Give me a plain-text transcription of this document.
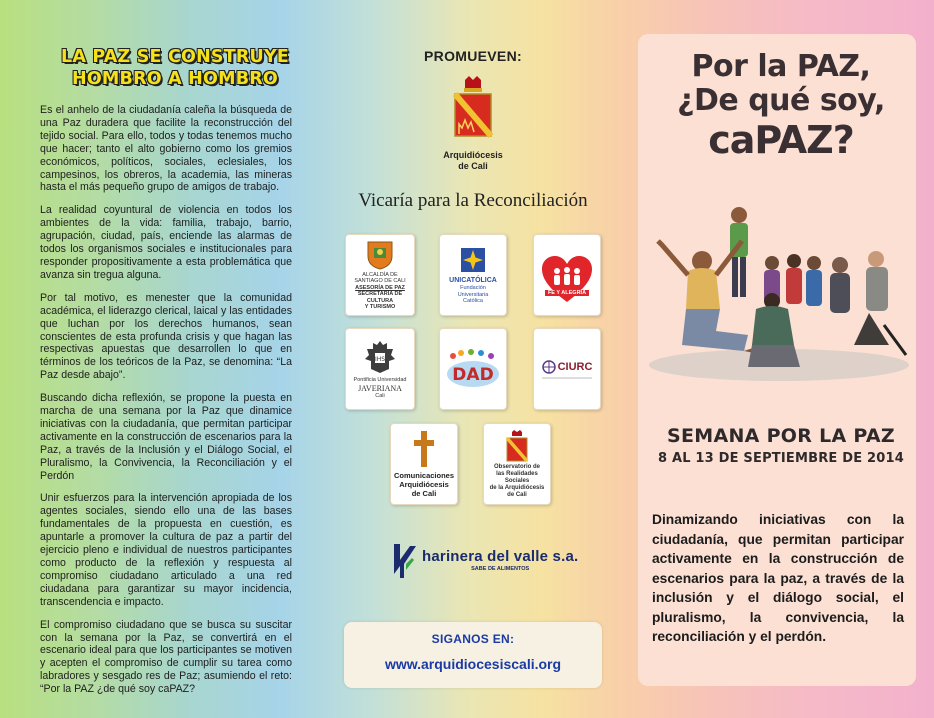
LA PAZ SE CONSTRUYE
HOMBRO A HOMBRO

Es el anhelo de la ciudadanía caleña la búsqueda de una Paz duradera que facilite la reconstrucción del tejido social. Para ello, todos y todas tenemos mucho que hacer; tanto el alto gobierno como los gremios económicos, políticos, sociales, eclesiales, los campesinos, los obreros, la academia, las mineras hasta el más pequeño grupo de amigos de trabajo.

La realidad coyuntural de violencia en todos los ambientes de la vida: familia, trabajo, barrio, agrupación, ciudad, país, enciende las alarmas de todos los organismos sociales e institucionales para responder propositivamente a esta problemática que avanza sin tregua alguna.

Por tal motivo, es menester que la comunidad académica, el liderazgo clerical, laical y las entidades que luchan por los derechos humanos, sean conscientes de esta profunda crisis y que hagan las respectivas apuestas que desarrollen lo que en términos de los teóricos de la Paz, se denomina: “La Paz desde abajo”.

Buscando dicha reflexión, se propone la puesta en marcha de una semana por la Paz que dinamice iniciativas con la ciudadanía, que permitan participar activamente en la construcción de escenarios para la Paz, a través de la Inclusión y el Diálogo Social, el Pluralismo, la Convivencia, la Reconciliación y el Perdón

Unir esfuerzos para la intervención apropiada de los agentes sociales, siendo ello una de las bases fundamentales de la propuesta en cuestión, es apuntarle a promover la cultura de paz a partir del ejercicio pleno e individual de nuestros participantes como producto de la reflexión y respuesta al compromiso ciudadano articulado a una red ciudadana para garantizar su mayor incidencia, transcendencia e impacto.

El compromiso ciudadano que se busca su suscitar con la semana por la Paz, se convertirá en el escenario ideal para que los participantes se motiven y acepten el compromiso de cumplir su tarea como labradores y sesgado res de Paz; asumiendo el reto: “Por la PAZ ¿de qué soy caPAZ?

PROMUEVEN:
Arquidiócesis
de Cali
Vicaría para la Reconciliación
ALCALDÍA DE
SANTIAGO DE CALI
ASESORÍA DE PAZ
SECRETARÍA DE CULTURA
Y TURISMO
UNICATÓLICA
Fundación
Universitaria
Católica
FE Y ALEGRÍA
IHS
Pontificia Universidad
JAVERIANA
Cali
DAD	CIURC
Comunicaciones
Arquidiócesis
de Cali
Observatorio de
las Realidades Sociales
de la Arquidiócesis
de Cali
harinera del valle s.a.
SABE DE ALIMENTOS
SIGANOS EN:
www.arquidiocesiscali.org
Por la PAZ,
¿De qué soy,
caPAZ?
SEMANA POR LA PAZ
8 AL 13 DE SEPTIEMBRE DE 2014

Dinamizando iniciativas con la ciudadanía, que permitan participar activamente en la construcción de escenarios para la paz, a través de la inclusión y el diálogo social, el pluralismo, la convivencia, la reconciliación y el perdón.
